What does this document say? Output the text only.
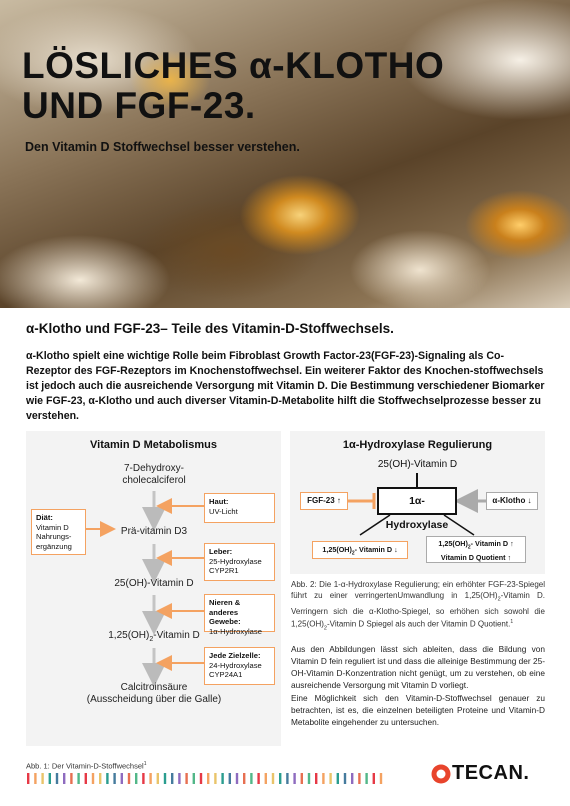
LÖSLICHES α-KLOTHO
UND FGF-23.

Den Vitamin D Stoffwechsel besser verstehen.

α-Klotho und FGF-23– Teile des Vitamin-D-Stoffwechsels.

α-Klotho spielt eine wichtige Rolle beim Fibroblast Growth Factor-23(FGF-23)-Signaling als Co-Rezeptor des FGF-Rezeptors im Knochenstoffwechsel. Ein weiterer Faktor des Knochen-stoffwechsels ist jedoch auch die ausreichende Versorgung mit Vitamin D. Die Bestimmung verschiedener Biomarker wie FGF-23, α-Klotho und auch diverser Vitamin-D-Metabolite hilft die Stoffwechselprozesse besser zu verstehen.

Vitamin D Metabolismus

7-Dehydroxy-
cholecalciferol
Prä-vitamin D3
25(OH)-Vitamin D
$1,25(OH)_2$-Vitamin D
Calcitroinsäure
(Ausscheidung über die Galle)
Diät:
Vitamin D
Nahrungs-
ergänzung
Haut:
UV-Licht
Leber:
25-Hydroxylase
CYP2R1
Nieren & anderes
Gewebe:
1α-Hydroxylase
Jede Zielzelle:
24-Hydroxylase
CYP24A1

Abb. 1: Der Vitamin-D-Stoffwechsel$^1$

1α-Hydroxylase Regulierung

25(OH)-Vitamin D
1α-Hydroxylase
FGF-23 ↑	α-Klotho ↓
$1,25(OH)_2-$ Vitamin D ↓
$1,25(OH)_2-$ Vitamin D ↑
Vitamin D Quotient ↑

Abb. 2: Die 1-α-Hydroxylase Regulierung; ein erhöhter FGF-23-Spiegel führt zu einer verringertenUmwandlung in $1,25(OH)_2$-Vitamin D. Verringern sich die α-Klotho-Spiegel, so erhöhen sich sowohl die $1,25(OH)_2$-Vitamin D Spiegel als auch der Vitamin D Quotient.$^1$

Aus den Abbildungen lässt sich ableiten, dass die Bildung von Vitamin D fein reguliert ist und dass die alleinige Bestimmung der 25-OH-Vitamin D-Konzentration nicht genügt, um zu verstehen, ob eine ausreichende Versorgung mit Vitamin D vorliegt.

Eine Möglichkeit sich den Vitamin-D-Stoffwechsel genauer zu betrachten, ist es, die einzelnen beteiligten Proteine und Vitamin-D Metabolite eingehender zu untersuchen.

TECAN.
